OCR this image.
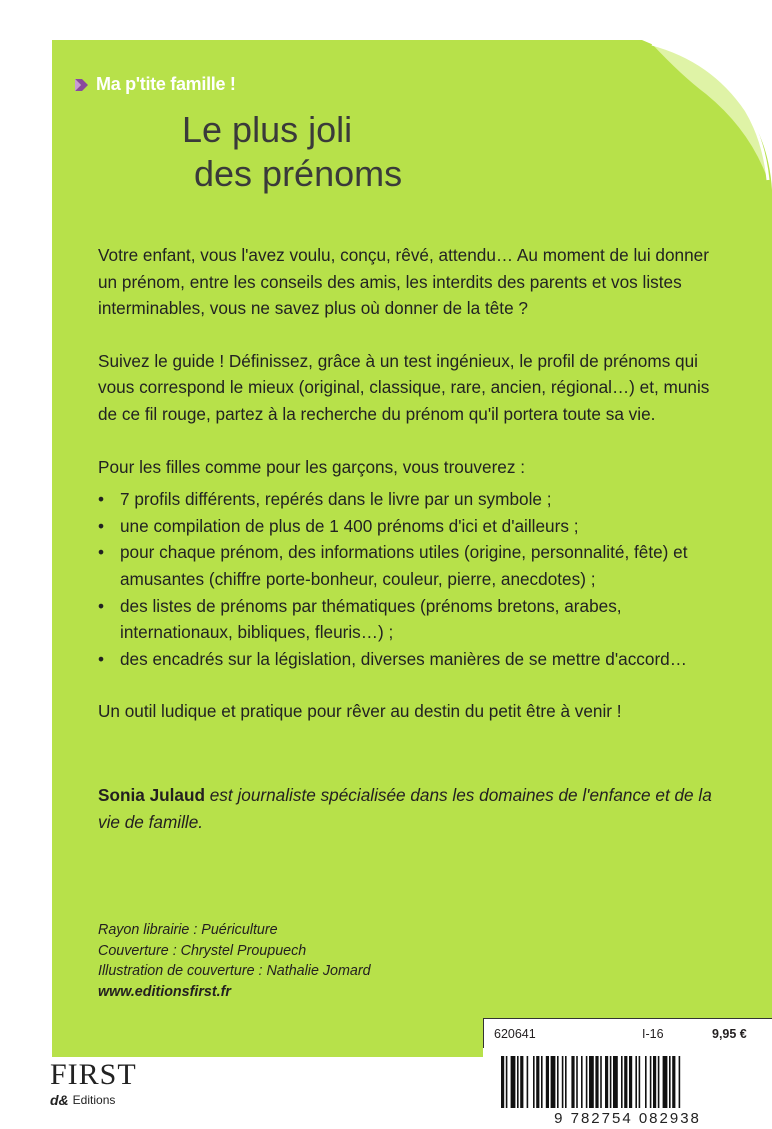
Ma p'tite famille !
Le plus joli
des prénoms

Votre enfant, vous l'avez voulu, conçu, rêvé, attendu… Au moment de lui donner un prénom, entre les conseils des amis, les interdits des parents et vos listes interminables, vous ne savez plus où donner de la tête ?

Suivez le guide ! Définissez, grâce à un test ingénieux, le profil de prénoms qui vous correspond le mieux (original, classique, rare, ancien, régional…) et, munis de ce fil rouge, partez à la recherche du prénom qu'il portera toute sa vie.

Pour les filles comme pour les garçons, vous trouverez :

• 7 profils différents, repérés dans le livre par un symbole ;
• une compilation de plus de 1 400 prénoms d'ici et d'ailleurs ;
• pour chaque prénom, des informations utiles (origine, personnalité, fête) et amusantes (chiffre porte-bonheur, couleur, pierre, anecdotes) ;
• des listes de prénoms par thématiques (prénoms bretons, arabes, internationaux, bibliques, fleuris…) ;
• des encadrés sur la législation, diverses manières de se mettre d'accord…

Un outil ludique et pratique pour rêver au destin du petit être à venir !

Sonia Julaud est journaliste spécialisée dans les domaines de l'enfance et de la vie de famille.
Rayon librairie : Puériculture
Couverture : Chrystel Proupuech
Illustration de couverture : Nathalie Jomard
www.editionsfirst.fr
620641	I-16	9,95 €
9 782754 082938
FIRST
d& Editions
